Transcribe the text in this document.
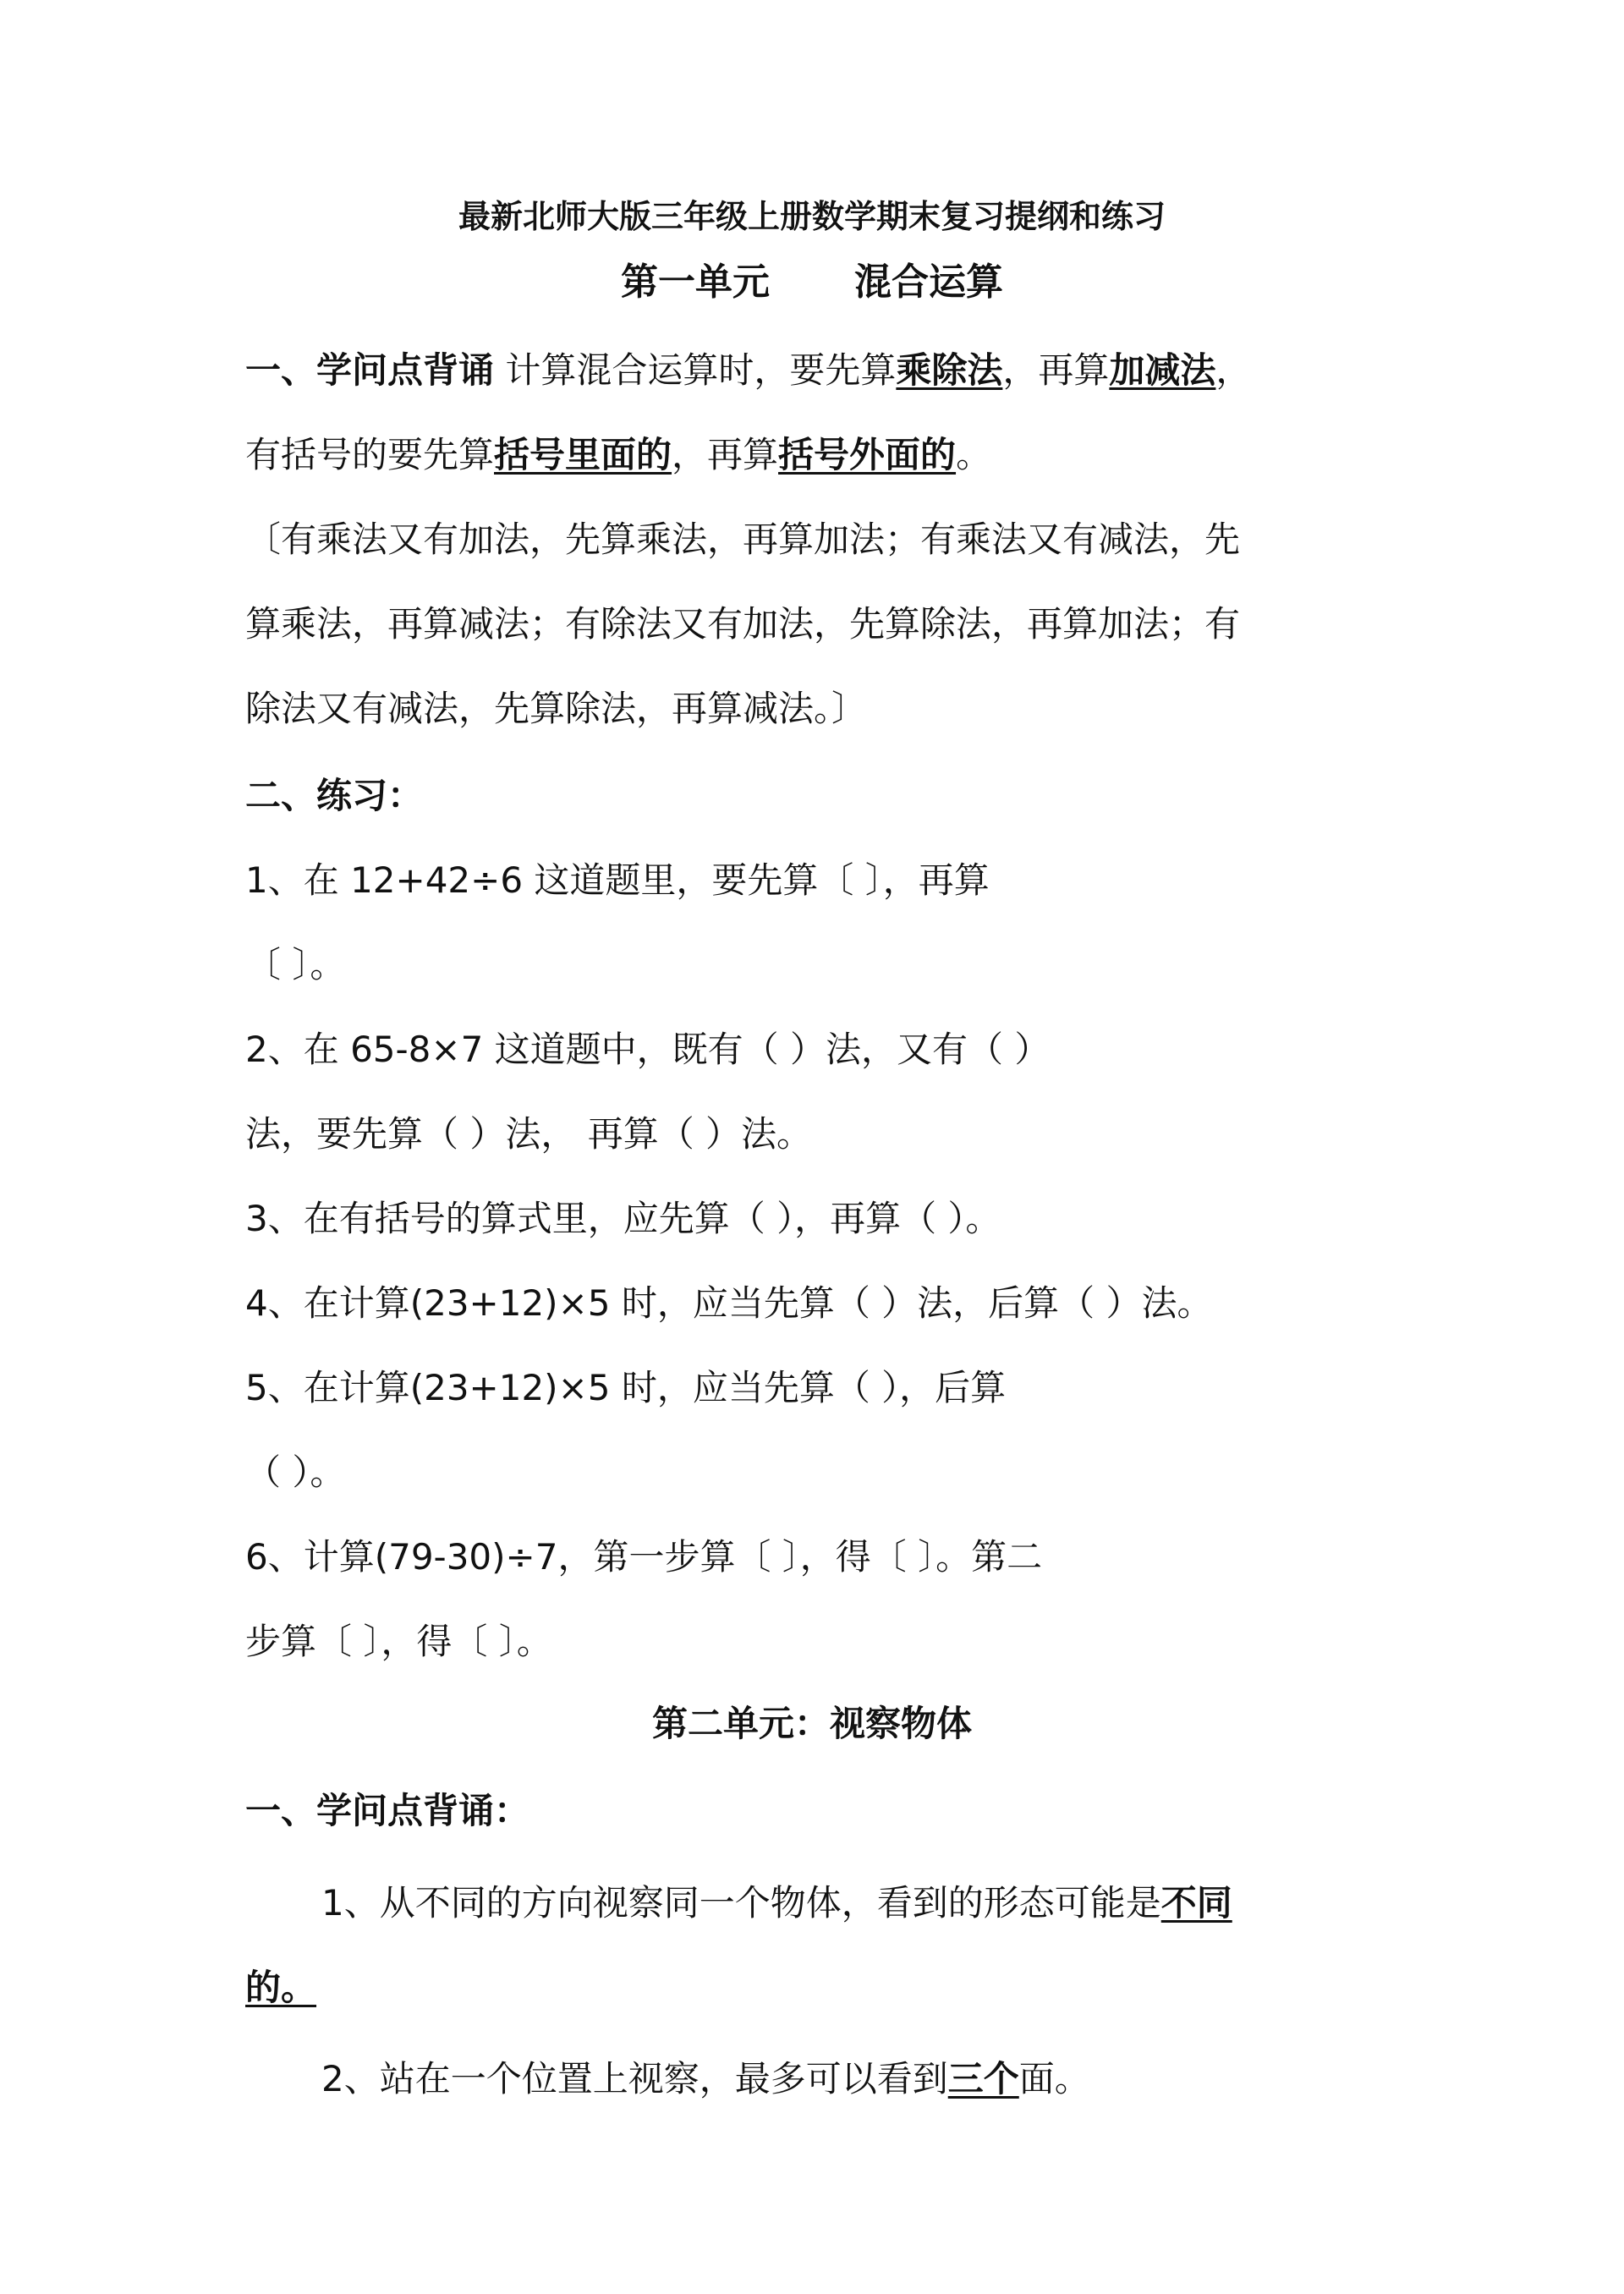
最新北师大版三年级上册数学期末复习提纲和练习
第一单元 混合运算
一、学问点背诵 计算混合运算时，要先算乘除法，再算加减法，
有括号的要先算括号里面的，再算括号外面的。
〔有乘法又有加法，先算乘法，再算加法；有乘法又有减法，先
算乘法，再算减法；有除法又有加法，先算除法，再算加法；有
除法又有减法，先算除法，再算减法。〕
二、练习：
1、在 12+42÷6 这道题里，要先算〔 〕，再算
〔 〕。
2、在 65-8×7 这道题中，既有（ ）法，又有（ ）
法，要先算（ ）法， 再算（ ）法。
3、在有括号的算式里，应先算（ ），再算（ ）。
4、在计算(23+12)×5 时，应当先算（ ）法，后算（ ）法。
5、在计算(23+12)×5 时，应当先算（ ），后算
（ ）。
6、计算(79-30)÷7，第一步算〔 〕，得〔 〕。第二
步算〔 〕，得〔 〕。
第二单元：视察物体
一、学问点背诵：
1、从不同的方向视察同一个物体，看到的形态可能是不同
的。
2、站在一个位置上视察，最多可以看到三个面。
